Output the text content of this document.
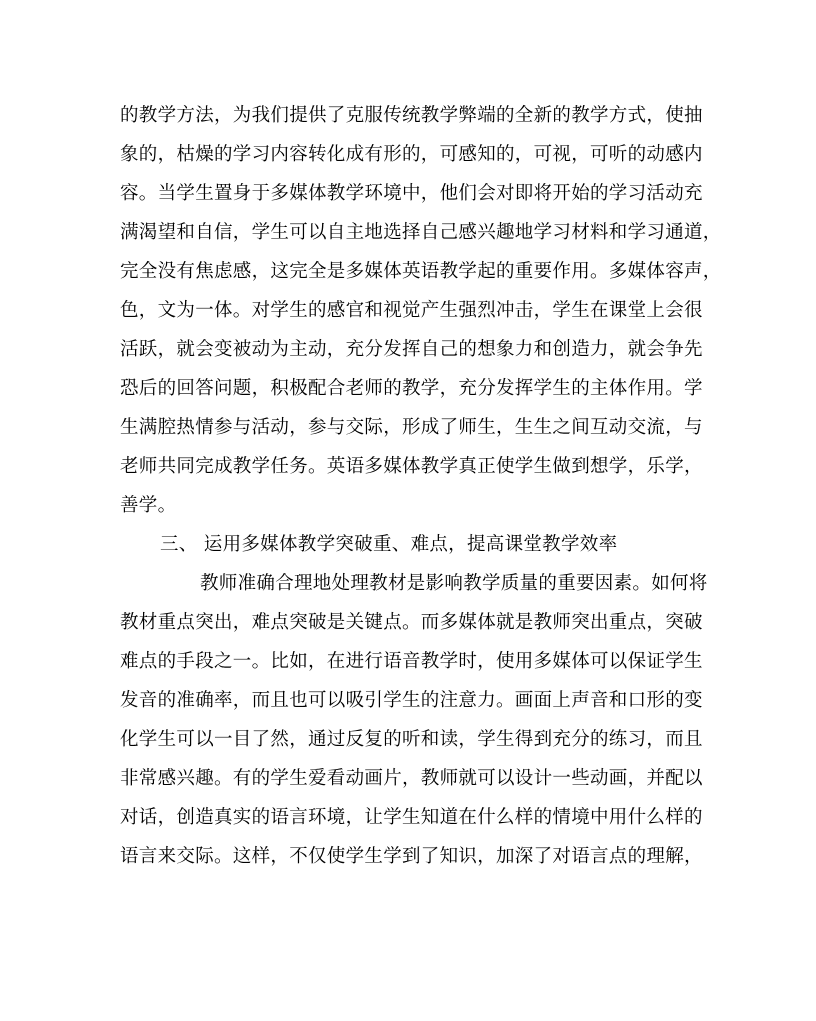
的教学方法，为我们提供了克服传统教学弊端的全新的教学方式，使抽
象的，枯燥的学习内容转化成有形的，可感知的，可视，可听的动感内
容。当学生置身于多媒体教学环境中，他们会对即将开始的学习活动充
满渴望和自信，学生可以自主地选择自己感兴趣地学习材料和学习通道，
完全没有焦虑感，这完全是多媒体英语教学起的重要作用。多媒体容声，
色，文为一体。对学生的感官和视觉产生强烈冲击，学生在课堂上会很
活跃，就会变被动为主动，充分发挥自己的想象力和创造力，就会争先
恐后的回答问题，积极配合老师的教学，充分发挥学生的主体作用。学
生满腔热情参与活动，参与交际，形成了师生，生生之间互动交流，与
老师共同完成教学任务。英语多媒体教学真正使学生做到想学，乐学，
善学。
三、 运用多媒体教学突破重、难点，提高课堂教学效率
教师准确合理地处理教材是影响教学质量的重要因素。如何将
教材重点突出，难点突破是关键点。而多媒体就是教师突出重点，突破
难点的手段之一。比如，在进行语音教学时，使用多媒体可以保证学生
发音的准确率，而且也可以吸引学生的注意力。画面上声音和口形的变
化学生可以一目了然，通过反复的听和读，学生得到充分的练习，而且
非常感兴趣。有的学生爱看动画片，教师就可以设计一些动画，并配以
对话，创造真实的语言环境，让学生知道在什么样的情境中用什么样的
语言来交际。这样，不仅使学生学到了知识，加深了对语言点的理解，
